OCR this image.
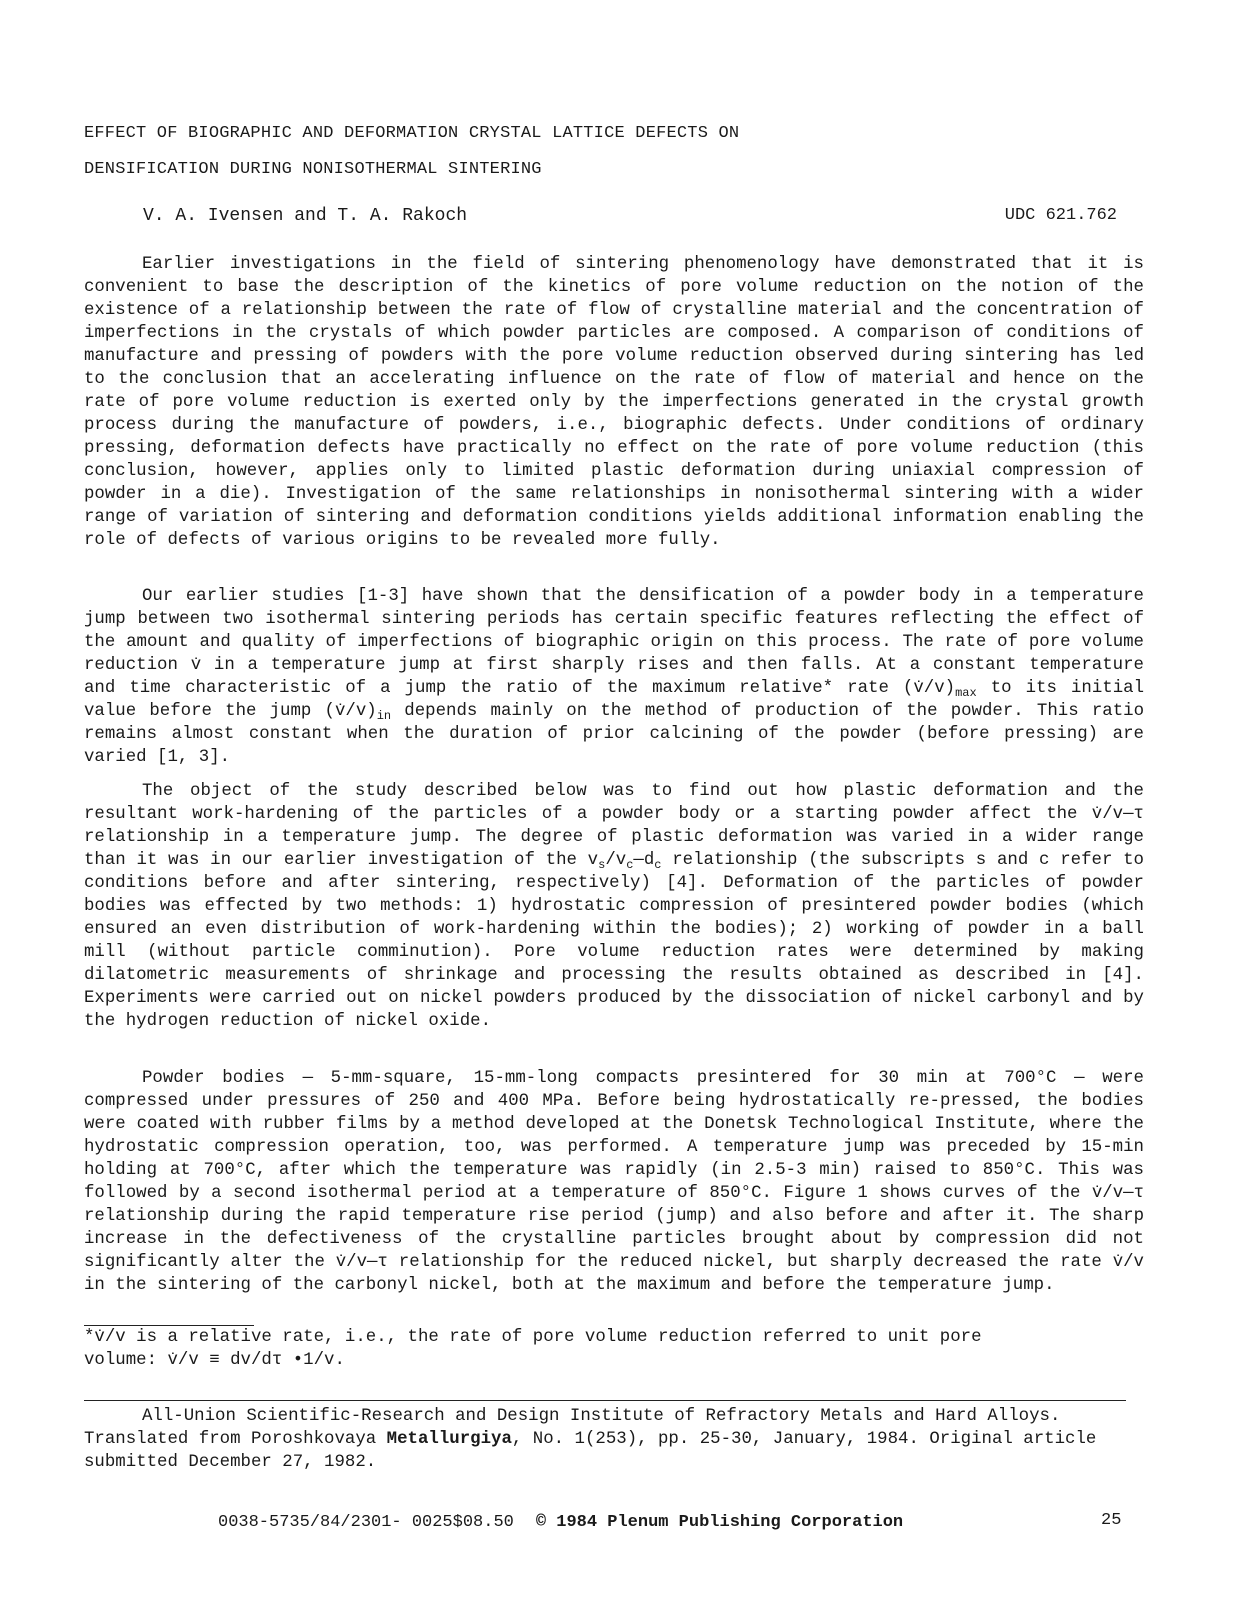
EFFECT OF BIOGRAPHIC AND DEFORMATION CRYSTAL LATTICE DEFECTS ON
DENSIFICATION DURING NONISOTHERMAL SINTERING
V. A. Ivensen and T. A. Rakoch	UDC 621.762

Earlier investigations in the field of sintering phenomenology have demonstrated that it is convenient to base the description of the kinetics of pore volume reduction on the notion of the existence of a relationship between the rate of flow of crystalline material and the concentration of imperfections in the crystals of which powder particles are composed. A comparison of conditions of manufacture and pressing of powders with the pore volume reduction observed during sintering has led to the conclusion that an accelerating influence on the rate of flow of material and hence on the rate of pore volume reduction is exerted only by the imperfections generated in the crystal growth process during the manufacture of powders, i.e., biographic defects. Under conditions of ordinary pressing, deformation defects have practically no effect on the rate of pore volume reduction (this conclusion, however, applies only to limited plastic deformation during uniaxial compression of powder in a die). Investigation of the same relationships in nonisothermal sintering with a wider range of variation of sintering and deformation conditions yields additional information enabling the role of defects of various origins to be revealed more fully.

Our earlier studies [1-3] have shown that the densification of a powder body in a temperature jump between two isothermal sintering periods has certain specific features reflecting the effect of the amount and quality of imperfections of biographic origin on this process. The rate of pore volume reduction v̇ in a temperature jump at first sharply rises and then falls. At a constant temperature and time characteristic of a jump the ratio of the maximum relative* rate $(v̇/v)_{max}$ to its initial value before the jump $(v̇/v)_{in}$ depends mainly on the method of production of the powder. This ratio remains almost constant when the duration of prior calcining of the powder (before pressing) are varied [1, 3].

The object of the study described below was to find out how plastic deformation and the resultant work-hardening of the particles of a powder body or a starting powder affect the v̇/v—τ relationship in a temperature jump. The degree of plastic deformation was varied in a wider range than it was in our earlier investigation of the $v_s/v_c—d_c$ relationship (the subscripts s and c refer to conditions before and after sintering, respectively) [4]. Deformation of the particles of powder bodies was effected by two methods: 1) hydrostatic compression of presintered powder bodies (which ensured an even distribution of work-hardening within the bodies); 2) working of powder in a ball mill (without particle comminution). Pore volume reduction rates were determined by making dilatometric measurements of shrinkage and processing the results obtained as described in [4]. Experiments were carried out on nickel powders produced by the dissociation of nickel carbonyl and by the hydrogen reduction of nickel oxide.

Powder bodies — 5-mm-square, 15-mm-long compacts presintered for 30 min at 700°C — were compressed under pressures of 250 and 400 MPa. Before being hydrostatically re-pressed, the bodies were coated with rubber films by a method developed at the Donetsk Technological Institute, where the hydrostatic compression operation, too, was performed. A temperature jump was preceded by 15-min holding at 700°C, after which the temperature was rapidly (in 2.5-3 min) raised to 850°C. This was followed by a second isothermal period at a temperature of 850°C. Figure 1 shows curves of the v̇/v—τ relationship during the rapid temperature rise period (jump) and also before and after it. The sharp increase in the defectiveness of the crystalline particles brought about by compression did not significantly alter the v̇/v—τ relationship for the reduced nickel, but sharply decreased the rate v̇/v in the sintering of the carbonyl nickel, both at the maximum and before the temperature jump.

*v̇/v is a relative rate, i.e., the rate of pore volume reduction referred to unit pore
volume: v̇/v ≡ dv/dτ •1/v.

All-Union Scientific-Research and Design Institute of Refractory Metals and Hard Alloys. Translated from Poroshkovaya Metallurgiya, No. 1(253), pp. 25-30, January, 1984. Original article submitted December 27, 1982.

0038-5735/84/2301- 0025$08.50 © 1984 Plenum Publishing Corporation	25
